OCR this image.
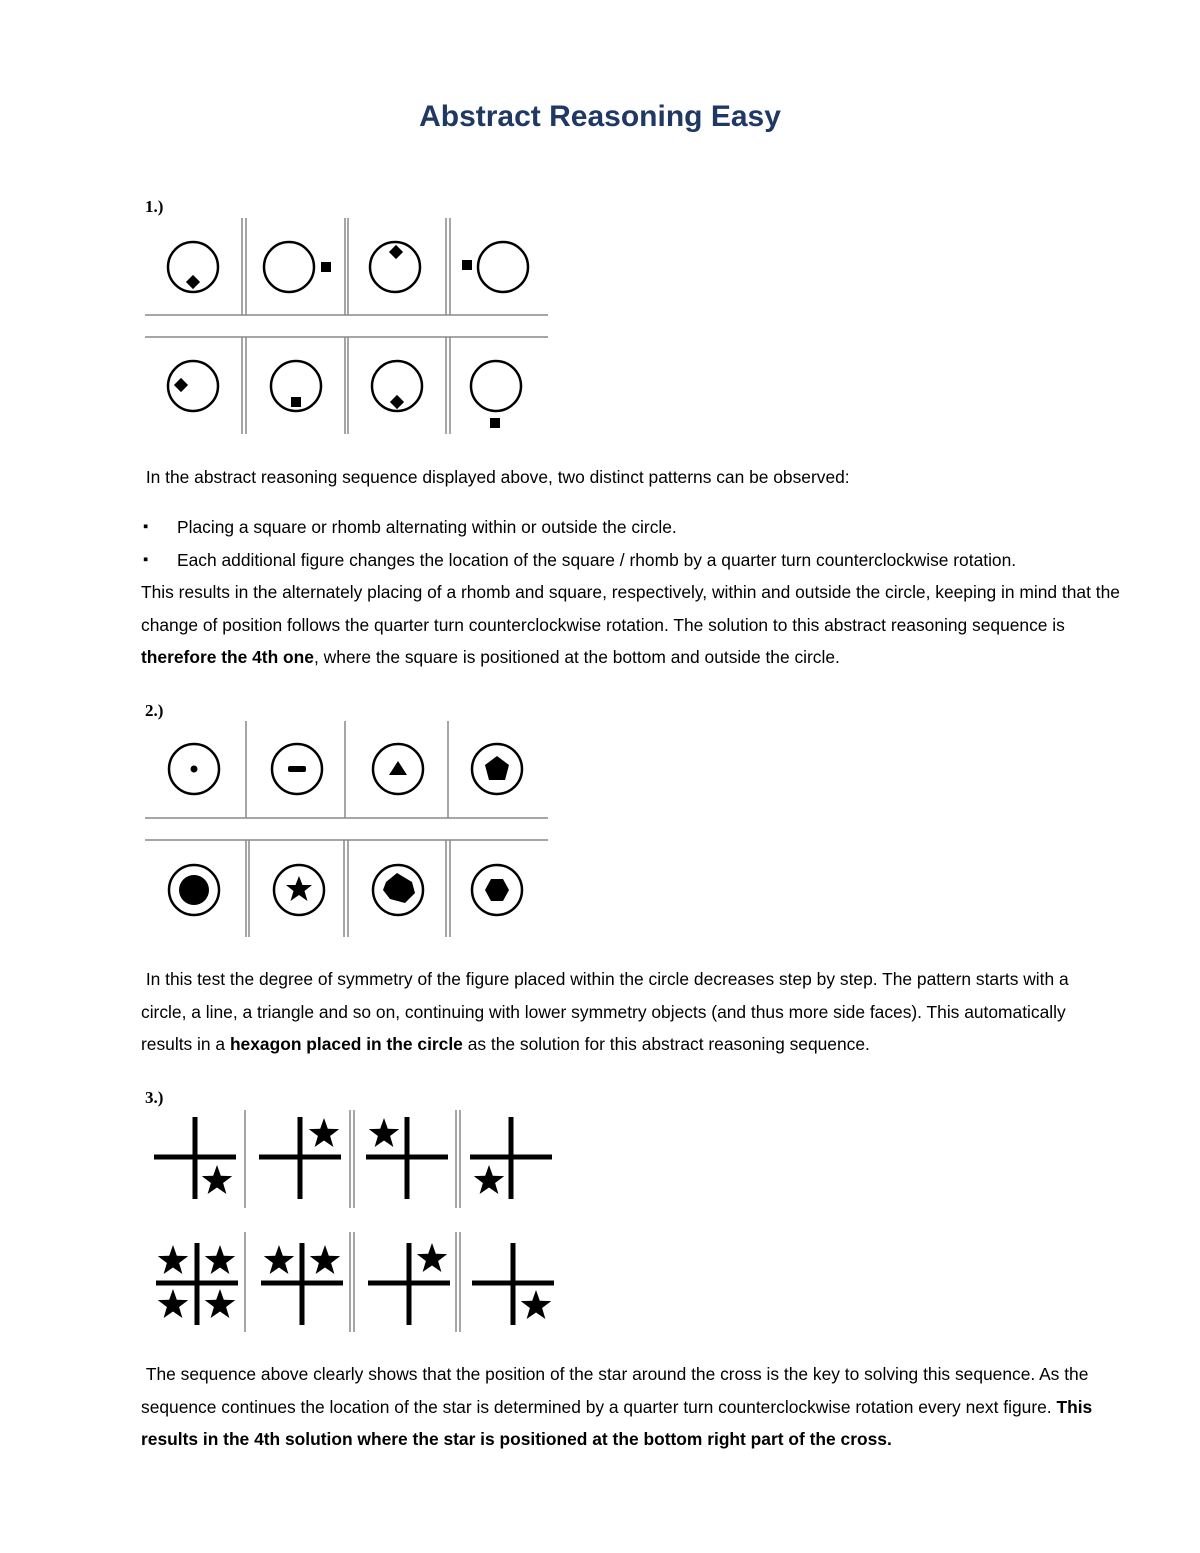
Abstract Reasoning Easy
1.)

In the abstract reasoning sequence displayed above, two distinct patterns can be observed:

▪ Placing a square or rhomb alternating within or outside the circle.
▪ Each additional figure changes the location of the square / rhomb by a quarter turn counterclockwise rotation.

This results in the alternately placing of a rhomb and square, respectively, within and outside the circle, keeping in mind that the change of position follows the quarter turn counterclockwise rotation. The solution to this abstract reasoning sequence is therefore the 4th one, where the square is positioned at the bottom and outside the circle.

2.)

In this test the degree of symmetry of the figure placed within the circle decreases step by step. The pattern starts with a circle, a line, a triangle and so on, continuing with lower symmetry objects (and thus more side faces). This automatically results in a hexagon placed in the circle as the solution for this abstract reasoning sequence.

3.)

The sequence above clearly shows that the position of the star around the cross is the key to solving this sequence. As the sequence continues the location of the star is determined by a quarter turn counterclockwise rotation every next figure. This results in the 4th solution where the star is positioned at the bottom right part of the cross.
